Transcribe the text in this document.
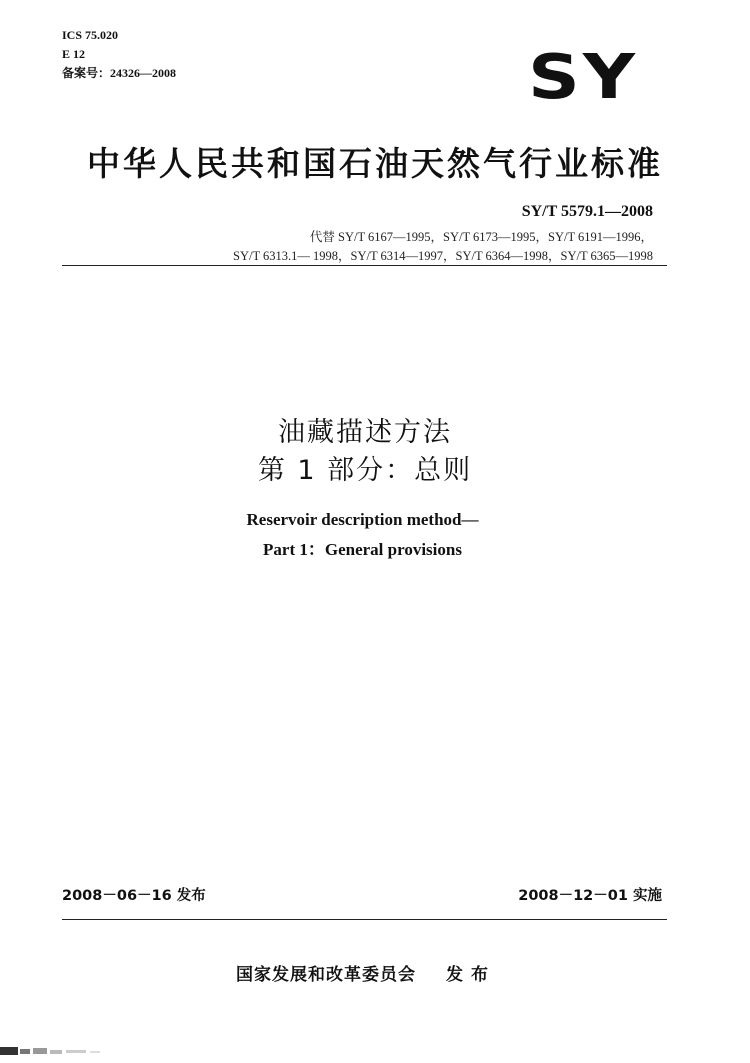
ICS 75.020
E 12
备案号：24326—2008	SY
中华人民共和国石油天然气行业标准
SY/T 5579.1—2008
代替 SY/T 6167—1995，SY/T 6173—1995，SY/T 6191—1996，
SY/T 6313.1— 1998，SY/T 6314—1997，SY/T 6364—1998，SY/T 6365—1998
油藏描述方法
第 1 部分：总则
Reservoir description method—
Part 1：General provisions
2008－06－16 发布	2008－12－01 实施
国家发展和改革委员会 发 布
